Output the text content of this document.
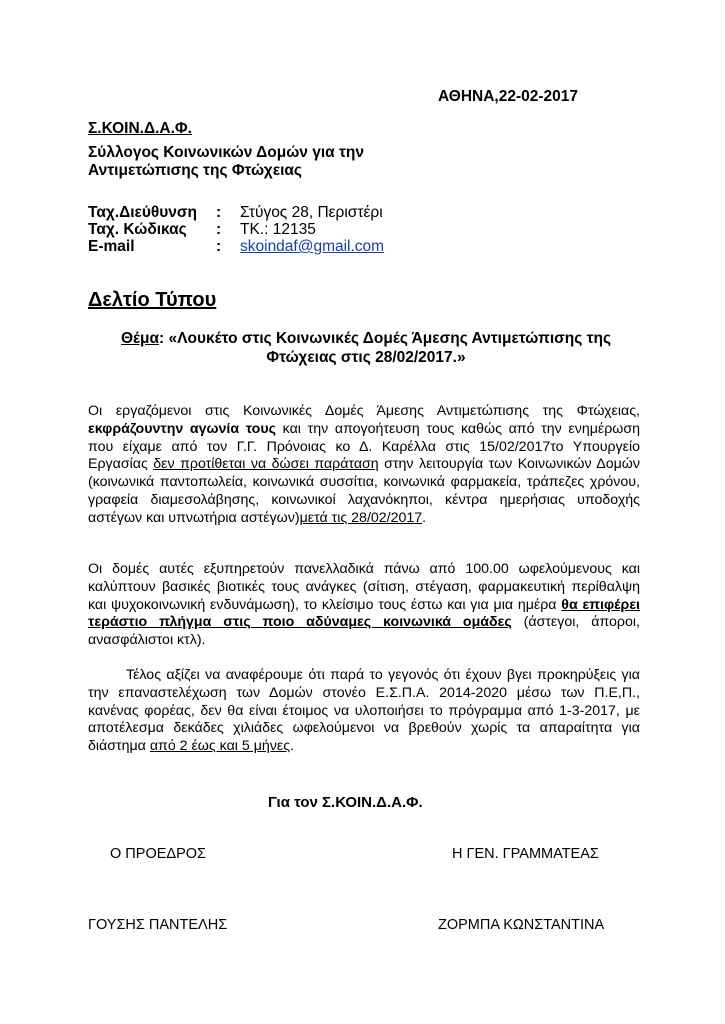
ΑΘΗΝΑ,22-02-2017
Σ.ΚΟΙΝ.Δ.Α.Φ.
Σύλλογος Κοινωνικών Δομών για την
Αντιμετώπισης της Φτώχειας
Ταχ.Διεύθυνση	:	Στύγος 28, Περιστέρι
Ταχ. Κώδικας	:	ΤΚ.: 12135
E-mail	:	skoindaf@gmail.com
Δελτίο Τύπου
Θέμα: «Λουκέτο στις Κοινωνικές Δομές Άμεσης Αντιμετώπισης της
Φτώχειας στις 28/02/2017.»
Οι εργαζόμενοι στις Κοινωνικές Δομές Άμεσης Αντιμετώπισης της Φτώχειας, εκφράζουντην αγωνία τους και την απογοήτευση τους καθώς από την ενημέρωση που είχαμε από τον Γ.Γ. Πρόνοιας κο Δ. Καρέλλα στις 15/02/2017το Υπουργείο Εργασίας δεν προτίθεται να δώσει παράταση στην λειτουργία των Κοινωνικών Δομών (κοινωνικά παντοπωλεία, κοινωνικά συσσίτια, κοινωνικά φαρμακεία, τράπεζες χρόνου, γραφεία διαμεσολάβησης, κοινωνικοί λαχανόκηποι, κέντρα ημερήσιας υποδοχής αστέγων και υπνωτήρια αστέγων)μετά τις 28/02/2017.
Οι δομές αυτές εξυπηρετούν πανελλαδικά πάνω από 100.00 ωφελούμενους και καλύπτουν βασικές βιοτικές τους ανάγκες (σίτιση, στέγαση, φαρμακευτική περίθαλψη και ψυχοκοινωνική ενδυνάμωση), το κλείσιμο τους έστω και για μια ημέρα θα επιφέρει τεράστιο πλήγμα στις ποιο αδύναμες κοινωνικά ομάδες (άστεγοι, άποροι, ανασφάλιστοι κτλ).
Τέλος αξίζει να αναφέρουμε ότι παρά το γεγονός ότι έχουν βγει προκηρύξεις για την επαναστελέχωση των Δομών στονέο Ε.Σ.Π.Α. 2014-2020 μέσω των Π.Ε,Π., κανένας φορέας, δεν θα είναι έτοιμος να υλοποιήσει το πρόγραμμα από 1-3-2017, με αποτέλεσμα δεκάδες χιλιάδες ωφελούμενοι να βρεθούν χωρίς τα απαραίτητα για διάστημα από 2 έως και 5 μήνες.
Για τον Σ.ΚΟΙΝ.Δ.Α.Φ.
Ο ΠΡΟΕΔΡΟΣ	Η ΓΕΝ. ΓΡΑΜΜΑΤΕΑΣ
ΓΟΥΣΗΣ ΠΑΝΤΕΛΗΣ	ΖΟΡΜΠΑ ΚΩΝΣΤΑΝΤΙΝΑ
